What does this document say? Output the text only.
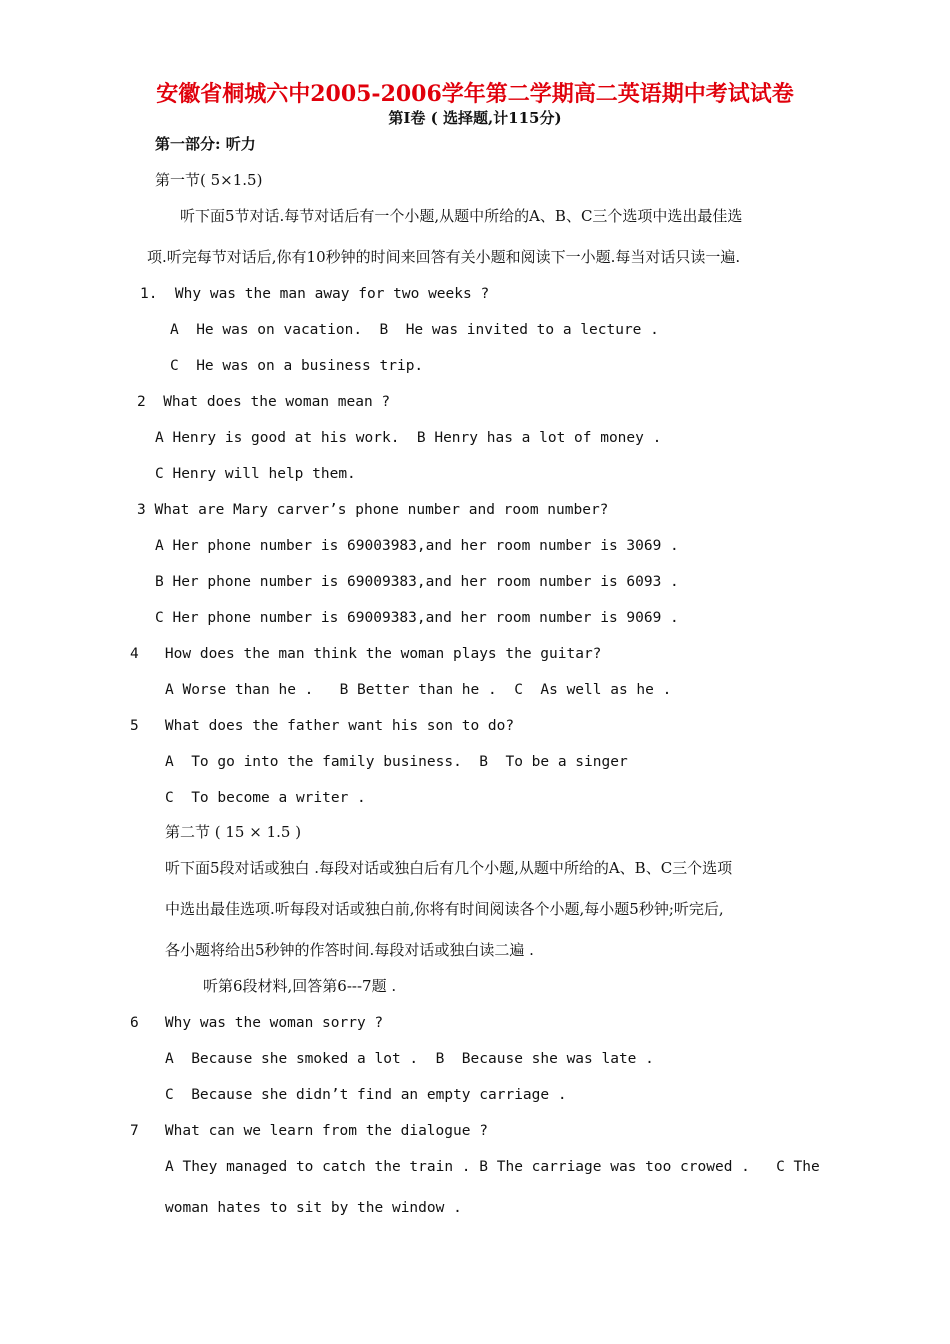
安徽省桐城六中2005-2006学年第二学期高二英语期中考试试卷
第I卷 ( 选择题,计115分)
第一部分: 听力
第一节( 5×1.5)
听下面5节对话.每节对话后有一个小题,从题中所给的A、B、C三个选项中选出最佳选
项.听完每节对话后,你有10秒钟的时间来回答有关小题和阅读下一小题.每当对话只读一遍.
1.  Why was the man away for two weeks ?
A  He was on vacation.  B  He was invited to a lecture .
C  He was on a business trip.
2  What does the woman mean ?
A Henry is good at his work.  B Henry has a lot of money .
C Henry will help them.
3 What are Mary carver’s phone number and room number?
A Her phone number is 69003983,and her room number is 3069 .
B Her phone number is 69009383,and her room number is 6093 .
C Her phone number is 69009383,and her room number is 9069 .
4   How does the man think the woman plays the guitar?
A Worse than he .   B Better than he .  C  As well as he .
5   What does the father want his son to do?
A  To go into the family business.  B  To be a singer
C  To become a writer .
第二节 ( 15 × 1.5 )
听下面5段对话或独白 .每段对话或独白后有几个小题,从题中所给的A、B、C三个选项
中选出最佳选项.听每段对话或独白前,你将有时间阅读各个小题,每小题5秒钟;听完后,
各小题将给出5秒钟的作答时间.每段对话或独白读二遍 .
听第6段材料,回答第6---7题 .
6   Why was the woman sorry ?
A  Because she smoked a lot .  B  Because she was late .
C  Because she didn’t find an empty carriage .
7   What can we learn from the dialogue ?
A They managed to catch the train . B The carriage was too crowed .   C The
woman hates to sit by the window .
